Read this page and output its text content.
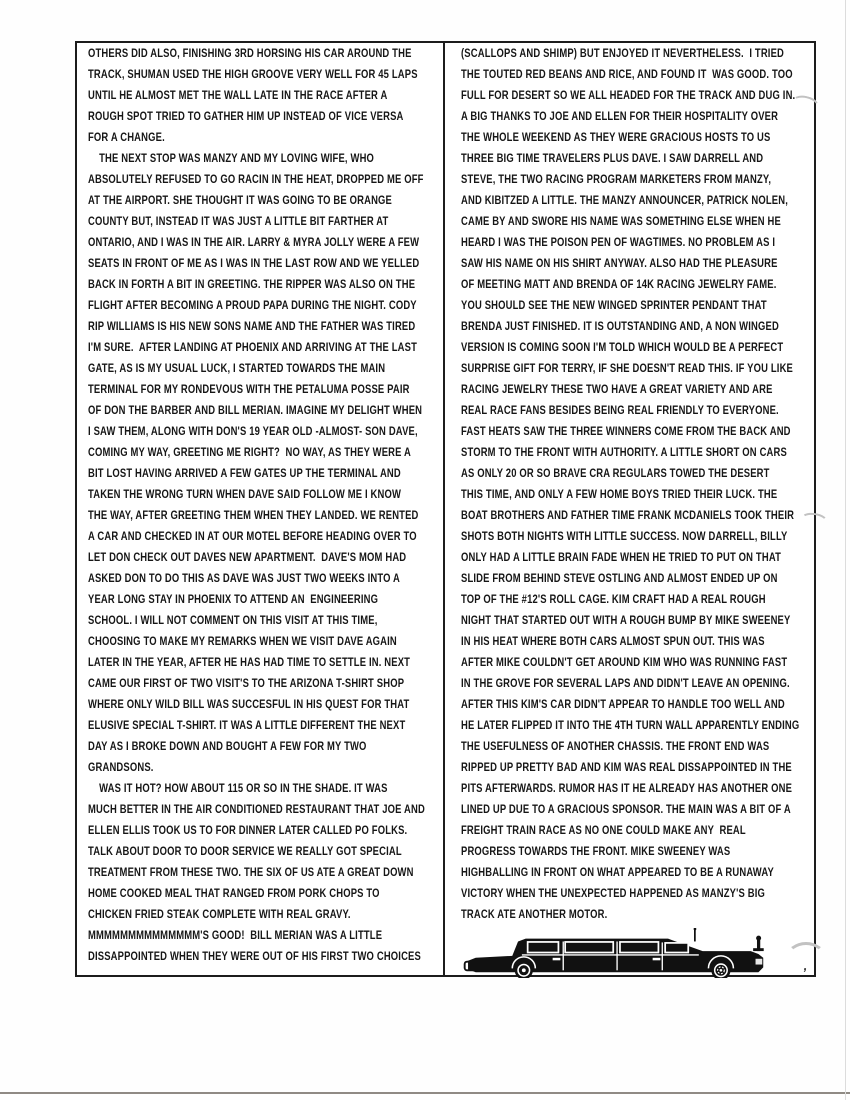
OTHERS DID ALSO, FINISHING 3RD HORSING HIS CAR AROUND THE
TRACK, SHUMAN USED THE HIGH GROOVE VERY WELL FOR 45 LAPS
UNTIL HE ALMOST MET THE WALL LATE IN THE RACE AFTER A
ROUGH SPOT TRIED TO GATHER HIM UP INSTEAD OF VICE VERSA
FOR A CHANGE.
THE NEXT STOP WAS MANZY AND MY LOVING WIFE, WHO
ABSOLUTELY REFUSED TO GO RACIN IN THE HEAT, DROPPED ME OFF
AT THE AIRPORT. SHE THOUGHT IT WAS GOING TO BE ORANGE
COUNTY BUT, INSTEAD IT WAS JUST A LITTLE BIT FARTHER AT
ONTARIO, AND I WAS IN THE AIR. LARRY & MYRA JOLLY WERE A FEW
SEATS IN FRONT OF ME AS I WAS IN THE LAST ROW AND WE YELLED
BACK IN FORTH A BIT IN GREETING. THE RIPPER WAS ALSO ON THE
FLIGHT AFTER BECOMING A PROUD PAPA DURING THE NIGHT. CODY
RIP WILLIAMS IS HIS NEW SONS NAME AND THE FATHER WAS TIRED
I'M SURE.  AFTER LANDING AT PHOENIX AND ARRIVING AT THE LAST
GATE, AS IS MY USUAL LUCK, I STARTED TOWARDS THE MAIN
TERMINAL FOR MY RONDEVOUS WITH THE PETALUMA POSSE PAIR
OF DON THE BARBER AND BILL MERIAN. IMAGINE MY DELIGHT WHEN
I SAW THEM, ALONG WITH DON'S 19 YEAR OLD -ALMOST- SON DAVE,
COMING MY WAY, GREETING ME RIGHT?  NO WAY, AS THEY WERE A
BIT LOST HAVING ARRIVED A FEW GATES UP THE TERMINAL AND
TAKEN THE WRONG TURN WHEN DAVE SAID FOLLOW ME I KNOW
THE WAY, AFTER GREETING THEM WHEN THEY LANDED. WE RENTED
A CAR AND CHECKED IN AT OUR MOTEL BEFORE HEADING OVER TO
LET DON CHECK OUT DAVES NEW APARTMENT.  DAVE'S MOM HAD
ASKED DON TO DO THIS AS DAVE WAS JUST TWO WEEKS INTO A
YEAR LONG STAY IN PHOENIX TO ATTEND AN  ENGINEERING
SCHOOL. I WILL NOT COMMENT ON THIS VISIT AT THIS TIME,
CHOOSING TO MAKE MY REMARKS WHEN WE VISIT DAVE AGAIN
LATER IN THE YEAR, AFTER HE HAS HAD TIME TO SETTLE IN. NEXT
CAME OUR FIRST OF TWO VISIT'S TO THE ARIZONA T-SHIRT SHOP
WHERE ONLY WILD BILL WAS SUCCESFUL IN HIS QUEST FOR THAT
ELUSIVE SPECIAL T-SHIRT. IT WAS A LITTLE DIFFERENT THE NEXT
DAY AS I BROKE DOWN AND BOUGHT A FEW FOR MY TWO
GRANDSONS.
WAS IT HOT? HOW ABOUT 115 OR SO IN THE SHADE. IT WAS
MUCH BETTER IN THE AIR CONDITIONED RESTAURANT THAT JOE AND
ELLEN ELLIS TOOK US TO FOR DINNER LATER CALLED PO FOLKS.
TALK ABOUT DOOR TO DOOR SERVICE WE REALLY GOT SPECIAL
TREATMENT FROM THESE TWO. THE SIX OF US ATE A GREAT DOWN
HOME COOKED MEAL THAT RANGED FROM PORK CHOPS TO
CHICKEN FRIED STEAK COMPLETE WITH REAL GRAVY.
MMMMMMMMMMMMMM'S GOOD!  BILL MERIAN WAS A LITTLE
DISSAPPOINTED WHEN THEY WERE OUT OF HIS FIRST TWO CHOICES
(SCALLOPS AND SHIMP) BUT ENJOYED IT NEVERTHELESS.  I TRIED
THE TOUTED RED BEANS AND RICE, AND FOUND IT  WAS GOOD. TOO
FULL FOR DESERT SO WE ALL HEADED FOR THE TRACK AND DUG IN.
A BIG THANKS TO JOE AND ELLEN FOR THEIR HOSPITALITY OVER
THE WHOLE WEEKEND AS THEY WERE GRACIOUS HOSTS TO US
THREE BIG TIME TRAVELERS PLUS DAVE. I SAW DARRELL AND
STEVE, THE TWO RACING PROGRAM MARKETERS FROM MANZY,
AND KIBITZED A LITTLE. THE MANZY ANNOUNCER, PATRICK NOLEN,
CAME BY AND SWORE HIS NAME WAS SOMETHING ELSE WHEN HE
HEARD I WAS THE POISON PEN OF WAGTIMES. NO PROBLEM AS I
SAW HIS NAME ON HIS SHIRT ANYWAY. ALSO HAD THE PLEASURE
OF MEETING MATT AND BRENDA OF 14K RACING JEWELRY FAME.
YOU SHOULD SEE THE NEW WINGED SPRINTER PENDANT THAT
BRENDA JUST FINISHED. IT IS OUTSTANDING AND, A NON WINGED
VERSION IS COMING SOON I'M TOLD WHICH WOULD BE A PERFECT
SURPRISE GIFT FOR TERRY, IF SHE DOESN'T READ THIS. IF YOU LIKE
RACING JEWELRY THESE TWO HAVE A GREAT VARIETY AND ARE
REAL RACE FANS BESIDES BEING REAL FRIENDLY TO EVERYONE.
FAST HEATS SAW THE THREE WINNERS COME FROM THE BACK AND
STORM TO THE FRONT WITH AUTHORITY. A LITTLE SHORT ON CARS
AS ONLY 20 OR SO BRAVE CRA REGULARS TOWED THE DESERT
THIS TIME, AND ONLY A FEW HOME BOYS TRIED THEIR LUCK. THE
BOAT BROTHERS AND FATHER TIME FRANK MCDANIELS TOOK THEIR
SHOTS BOTH NIGHTS WITH LITTLE SUCCESS. NOW DARRELL, BILLY
ONLY HAD A LITTLE BRAIN FADE WHEN HE TRIED TO PUT ON THAT
SLIDE FROM BEHIND STEVE OSTLING AND ALMOST ENDED UP ON
TOP OF THE #12'S ROLL CAGE. KIM CRAFT HAD A REAL ROUGH
NIGHT THAT STARTED OUT WITH A ROUGH BUMP BY MIKE SWEENEY
IN HIS HEAT WHERE BOTH CARS ALMOST SPUN OUT. THIS WAS
AFTER MIKE COULDN'T GET AROUND KIM WHO WAS RUNNING FAST
IN THE GROVE FOR SEVERAL LAPS AND DIDN'T LEAVE AN OPENING.
AFTER THIS KIM'S CAR DIDN'T APPEAR TO HANDLE TOO WELL AND
HE LATER FLIPPED IT INTO THE 4TH TURN WALL APPARENTLY ENDING
THE USEFULNESS OF ANOTHER CHASSIS. THE FRONT END WAS
RIPPED UP PRETTY BAD AND KIM WAS REAL DISSAPPOINTED IN THE
PITS AFTERWARDS. RUMOR HAS IT HE ALREADY HAS ANOTHER ONE
LINED UP DUE TO A GRACIOUS SPONSOR. THE MAIN WAS A BIT OF A
FREIGHT TRAIN RACE AS NO ONE COULD MAKE ANY  REAL
PROGRESS TOWARDS THE FRONT. MIKE SWEENEY WAS
HIGHBALLING IN FRONT ON WHAT APPEARED TO BE A RUNAWAY
VICTORY WHEN THE UNEXPECTED HAPPENED AS MANZY'S BIG
TRACK ATE ANOTHER MOTOR.
,
